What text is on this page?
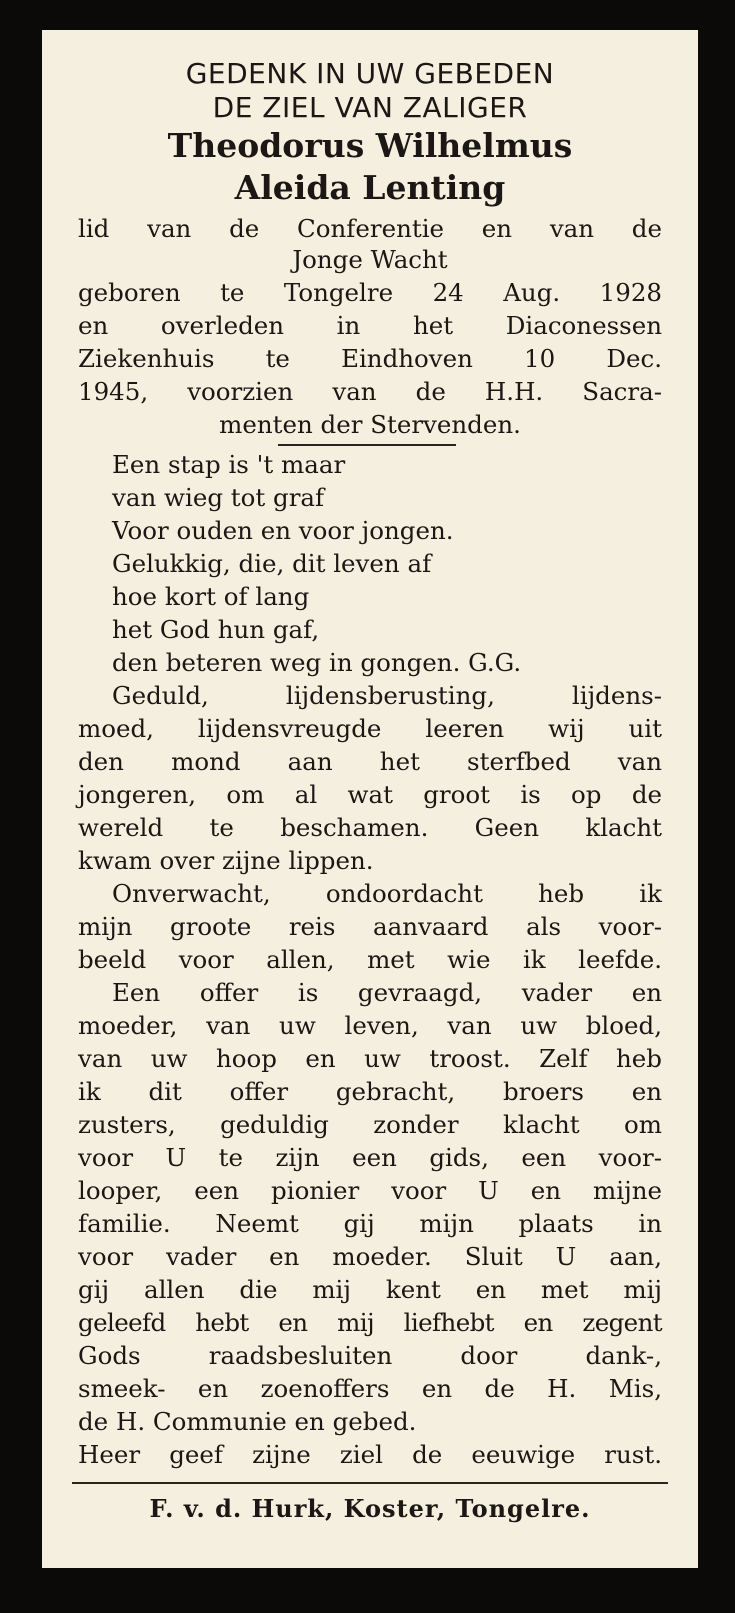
GEDENK IN UW GEBEDEN
DE ZIEL VAN ZALIGER
Theodorus Wilhelmus
Aleida Lenting
lid van de Conferentie en van de
Jonge Wacht
geboren te Tongelre 24 Aug. 1928
en overleden in het Diaconessen
Ziekenhuis te Eindhoven 10 Dec.
1945, voorzien van de H.H. Sacra-
menten der Stervenden.
Een stap is 't maar
van wieg tot graf
Voor ouden en voor jongen.
Gelukkig, die, dit leven af
hoe kort of lang
het God hun gaf,
den beteren weg in gongen. G.G.
Geduld, lijdensberusting, lijdens-
moed, lijdensvreugde leeren wij uit
den mond aan het sterfbed van
jongeren, om al wat groot is op de
wereld te beschamen. Geen klacht
kwam over zijne lippen.
Onverwacht, ondoordacht heb ik
mijn groote reis aanvaard als voor-
beeld voor allen, met wie ik leefde.
Een offer is gevraagd, vader en
moeder, van uw leven, van uw bloed,
van uw hoop en uw troost. Zelf heb
ik dit offer gebracht, broers en
zusters, geduldig zonder klacht om
voor U te zijn een gids, een voor-
looper, een pionier voor U en mijne
familie. Neemt gij mijn plaats in
voor vader en moeder. Sluit U aan,
gij allen die mij kent en met mij
geleefd hebt en mij liefhebt en zegent
Gods raadsbesluiten door dank-,
smeek- en zoenoffers en de H. Mis,
de H. Communie en gebed.
Heer geef zijne ziel de eeuwige rust.
F. v. d. Hurk, Koster, Tongelre.
